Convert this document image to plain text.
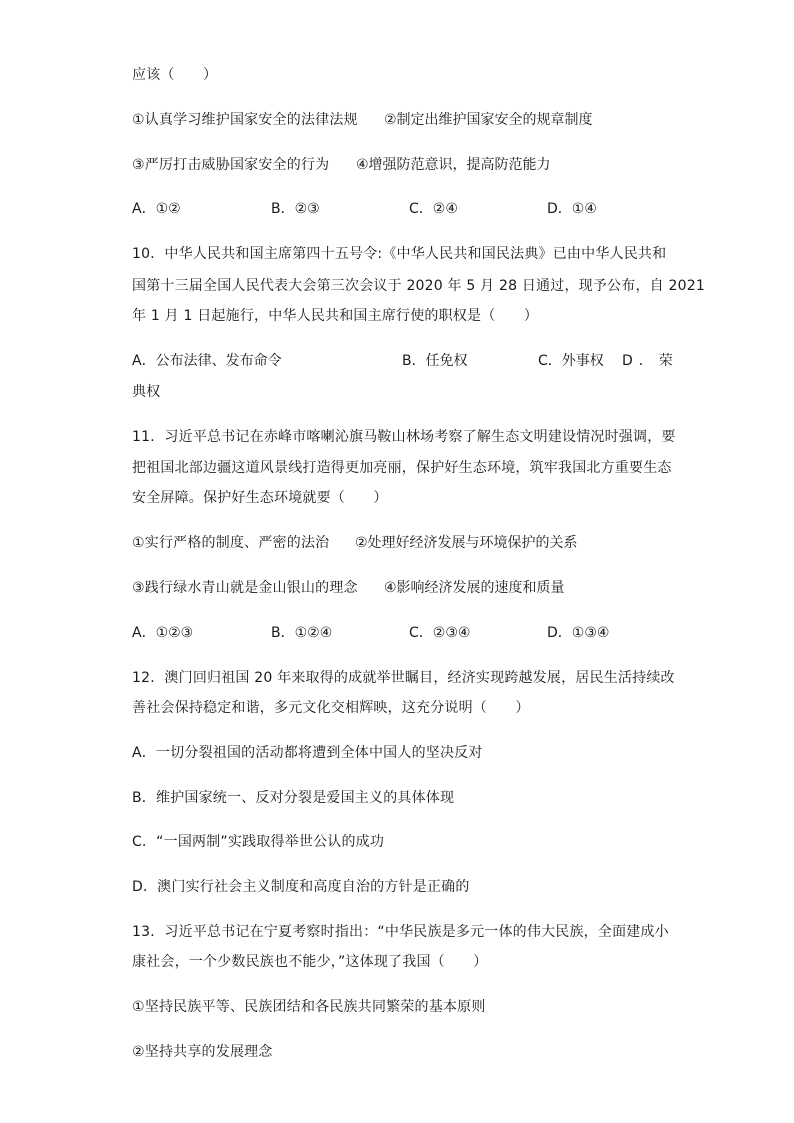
应该（　　）
①认真学习维护国家安全的法律法规 ②制定出维护国家安全的规章制度
③严厉打击威胁国家安全的行为 ④增强防范意识，提高防范能力
A．①②	B．②③	C．②④	D．①④
10．中华人民共和国主席第四十五号令:《中华人民共和国民法典》已由中华人民共和
国第十三届全国人民代表大会第三次会议于 2020 年 5 月 28 日通过，现予公布，自 2021
年 1 月 1 日起施行，中华人民共和国主席行使的职权是（　　）
A．公布法律、发布命令	B．任免权	C．外事权 D．荣
典权
11．习近平总书记在赤峰市喀喇沁旗马鞍山林场考察了解生态文明建设情况时强调，要
把祖国北部边疆这道风景线打造得更加亮丽，保护好生态环境，筑牢我国北方重要生态
安全屏障。保护好生态环境就要（　　）
①实行严格的制度、严密的法治 ②处理好经济发展与环境保护的关系
③践行绿水青山就是金山银山的理念 ④影响经济发展的速度和质量
A．①②③	B．①②④	C．②③④	D．①③④
12．澳门回归祖国 20 年来取得的成就举世瞩目，经济实现跨越发展，居民生活持续改
善社会保持稳定和谐，多元文化交相辉映，这充分说明（　　）
A．一切分裂祖国的活动都将遭到全体中国人的坚决反对
B．维护国家统一、反对分裂是爱国主义的具体体现
C．“一国两制”实践取得举世公认的成功
D．澳门实行社会主义制度和高度自治的方针是正确的
13．习近平总书记在宁夏考察时指出：“中华民族是多元一体的伟大民族，全面建成小
康社会，一个少数民族也不能少，”这体现了我国（　　）
①坚持民族平等、民族团结和各民族共同繁荣的基本原则
②坚持共享的发展理念
